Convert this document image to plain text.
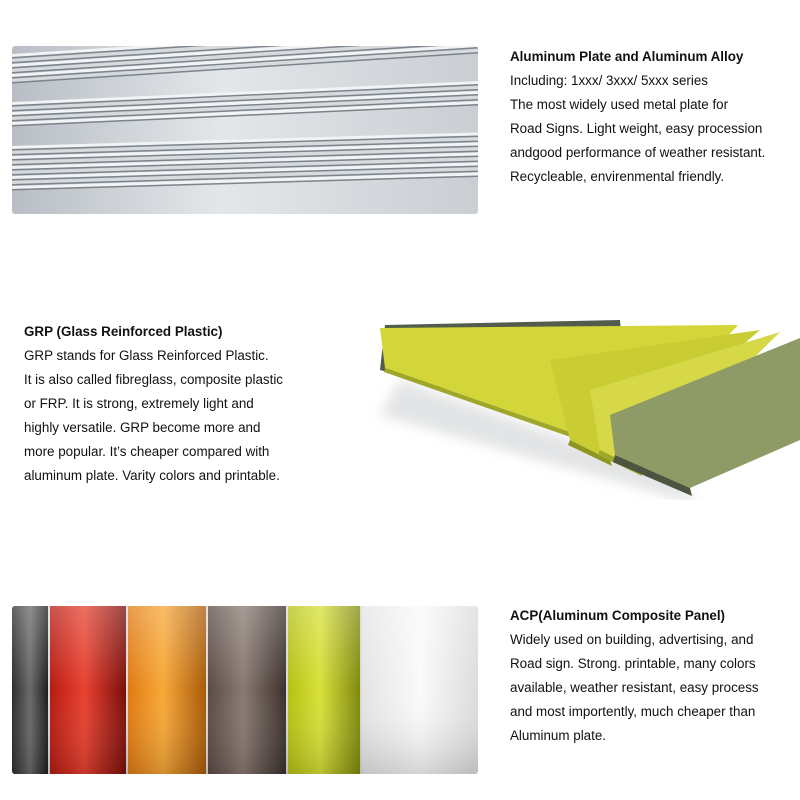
Aluminum Plate and Aluminum Alloy

Including: 1xxx/ 3xxx/ 5xxx series

The most widely used metal plate for

Road Signs. Light weight, easy procession

andgood performance of weather resistant.

Recycleable, envirenmental friendly.

GRP (Glass Reinforced Plastic)

GRP stands for Glass Reinforced Plastic.

It is also called fibreglass, composite plastic

or FRP. It is strong, extremely light and

highly versatile. GRP become more and

more popular. It’s cheaper compared with

aluminum plate. Varity colors and printable.

ACP(Aluminum Composite Panel)

Widely used on building, advertising, and

Road sign. Strong. printable, many colors

available, weather resistant, easy process

and most importently, much cheaper than

Aluminum plate.
